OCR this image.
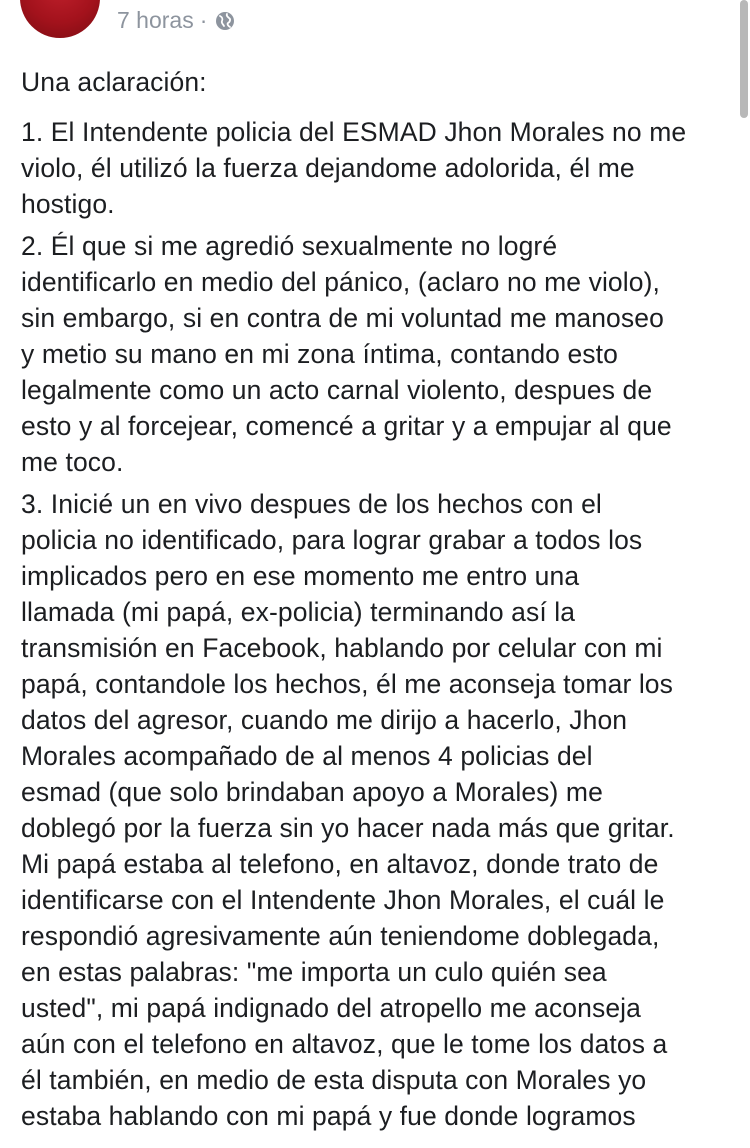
7 horas ·

Una aclaración:

1. El Intendente policia del ESMAD Jhon Morales no me
violo, él utilizó la fuerza dejandome adolorida, él me
hostigo.

2. Él que si me agredió sexualmente no logré
identificarlo en medio del pánico, (aclaro no me violo),
sin embargo, si en contra de mi voluntad me manoseo
y metio su mano en mi zona íntima, contando esto
legalmente como un acto carnal violento, despues de
esto y al forcejear, comencé a gritar y a empujar al que
me toco.

3. Inicié un en vivo despues de los hechos con el
policia no identificado, para lograr grabar a todos los
implicados pero en ese momento me entro una
llamada (mi papá, ex-policia) terminando así la
transmisión en Facebook, hablando por celular con mi
papá, contandole los hechos, él me aconseja tomar los
datos del agresor, cuando me dirijo a hacerlo, Jhon
Morales acompañado de al menos 4 policias del
esmad (que solo brindaban apoyo a Morales) me
doblegó por la fuerza sin yo hacer nada más que gritar.
Mi papá estaba al telefono, en altavoz, donde trato de
identificarse con el Intendente Jhon Morales, el cuál le
respondió agresivamente aún teniendome doblegada,
en estas palabras: "me importa un culo quién sea
usted", mi papá indignado del atropello me aconseja
aún con el telefono en altavoz, que le tome los datos a
él también, en medio de esta disputa con Morales yo
estaba hablando con mi papá y fue donde logramos
